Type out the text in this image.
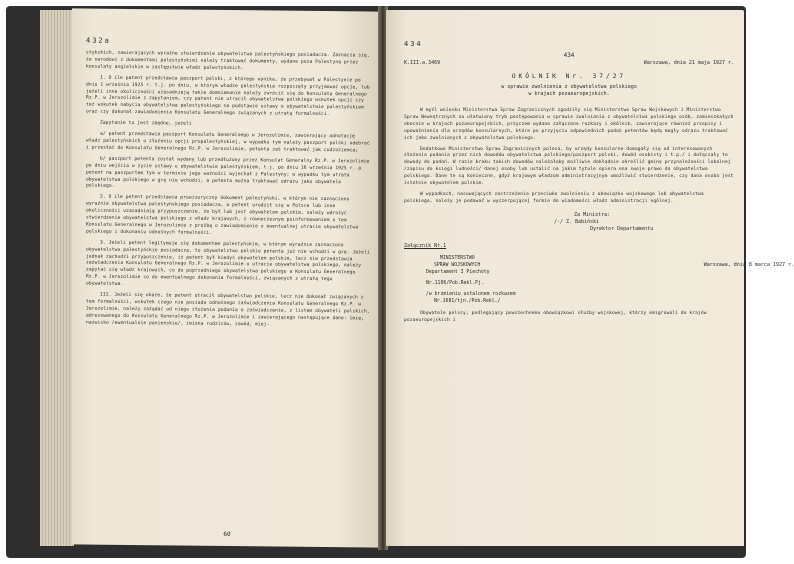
432a
stykskich, zawierających wyraźne stwierdzenie obywatelstwa palestyńskiego posiadacza. Zaznacza się, że narodowi z dokumentami palestyńskimi należy traktować dokumenty, wydane poza Palestyną przez konsulaty angielskie w zastępstwie władz palestyńskich.
1. O ile patent przedstawia paszport polski, z którego wynika, że przebywał w Palestynie po dniu 1 września 1925 r. t.j. po dniu, w którym władze palestyńskie rozpoczęły przyjmować opcje, lub jeżeli inne okoliczności uzasadniają takie domniemanie należy zwrócić się do Konsulatu Generalnego Rz.P. w Jerozolimie z zapytaniem, czy patent nie utracił obywatelstwa polskiego wskutek opcji czy też wskutek nabycia obywatelstwa palestyńskiego na podstawie ustawy o obywatelstwie palestyńskiem oraz czy dokonał zawiadomienia Konsulatu Generalnego związanych z utratą formalności.
Zapytanie to jest zbędne, jeżeli
a/ patent przedstawia paszport Konsulatu Generalnego w Jerozolimie, zawierający adnotację władz palestyńskich o złożeniu opcji propalestyńskiej, w wypadku tym należy paszport polski odebrać i przesłać do Konsulatu Generalnego Rz.P. w Jerozolimie, petenta zaś traktować jak cudzoziemca;
b/ paszport petenta został wydany lub przedłużony przez Konsulat Generalny Rz.P. w Jerozolimie po dniu wejścia w życie ustawy o obywatelstwie palestyńskiem, t.j. po dniu 16 września 1925 r. a petent na paszportem tym w terminie jego ważności wyjechał z Palestyny; w wypadku tym utrata obywatelstwa polskiego w grę nie wchodzi, a petenta można traktować odrazu jako obywatela polskiego.
2. O ile petent przedstawia prowizoryczny dokument palestyński, w którym nie zaznaczono wyraźnie obywatelstwa palestyńskiego posiadacza, a petent urodził się w Polsce lub inne okoliczności uzasadniają przypuszczenie, że był lub jest obywatelem polskim, należy wdrożyć stwierdzenie obywatelstwa polskiego z władz krajowych, z równoczesnym poinformowaniem o tem Konsulatu Generalnego w Jerozolimie z prośbą o zawiadomienie o ewentualnej utracie obywatelstwa polskiego i dokonaniu odnośnych formalności.
3. Jeżeli petent legitymuje się dokumentem palestyńskim, w którym wyraźnie zaznaczono obywatelstwo palestyńskie posiadacza, to obywatelstwo polskie petenta już nie wchodzi w grę. Jeżeli jednak zachodzi przypuszczenie, iż petent był kiedyś obywatelem polskim, lecz nie przedstawia zaświadczenia Konsulatu Generalnego Rz.P. w Jerozolimie o utracie obywatelstwa polskiego, należy zapytać się władz krajowych, co do poprzedniego obywatelstwa polskiego a Konsulatu Generalnego Rz.P. w Jerozolimie co do ewentualnego dokonania formalności, związanych z utratą tego obywatelstwa.
III. Jeżeli się okaże, że petent utracił obywatelstwo polskie, lecz nie dokonał związanych z tem formalności, wskutek czego nie posiada odnośnego zaświadczenia Konsulatu Generalnego Rz.P. w Jerozolimie, należy zażądać od niego złożenia podania o zaświadczenie, z listem obywateli polskich, adresowanego do Konsulatu Generalnego Rz.P. w Jerozolimie i zawierającego następujące dane: imię, nazwisko /ewentualnie panieńskie/, imiona rodziców, zawód, miej-
60
434
434
K.III.a.3469	Warszawa, dnia 21 maja 1927 r.
OKÓLNIK Nr. 37/27
w sprawie zwolnienia z obywatelstwa polskiego
w krajach pozaeuropejskich.
W myśl wniosku Ministerstwa Spraw Zagranicznych zgodziły się Ministerstwo Spraw Wojskowych i Ministerstwo Spraw Wewnętrznych na ułatwiony tryb postępowania w sprawie zwalniania z obywatelstwa polskiego osób, zamieszkałych obecnie w krajach pozaeuropejskich, przyczem wydano załączone rozkazy i okólnik, zawierające również przepisy i upoważnienia dla urzędów konsularnych, które po przyjęciu odpowiednich podań petentów będą mogły odrazu traktować ich jako zwolnionych z obywatelstwa polskiego.
Dodatkowo Ministerstwo Spraw Zagranicznych poleca, by urzędy konsularne domagały się od interesowanych złożenia podania przez nich dowodów obywatelstwa polskiego/paszport polski, dowód osobisty i t.p./ i dołączały te dowody do podań. W razie braku takich dowodów należałoby możliwie dokładnie określić gminę przynależności lokalnej /zapisu do księgi ludności/ danej osoby lub ustalić na jakim tytule opiera ona swoje prawo do obywatelstwa polskiego. Dane te są konieczne, gdyż krajowym władzom administracyjnym umożliwić stwierdzenie, czy dana osoba jest istotnie obywatelem polskim.
W wypadkach, nasuwających zastrzeżenia przeciwko zwolnieniu z obowiązku wojskowego lub obywatelstwa polskiego, należy je podawać w wyczerpującej formie do wiadomości władz administracji ogólnej.
Za Ministra:
/-/ Z. Babiński
Dyrektor Departamentu
Załącznik Nr.1
MINISTERSTWO
SPRAW WOJSKOWYCH	Warszawa, dnia 8 marca 1927 r.
Departament I Piechoty
Nr.1106/Pob.Rekl.Pj.
/w brzmieniu ustalonem rozkazem
Nr.1681/tjn./Pob.Rekl./
Obywatele polscy, podlegający powszechnemu obowiązkowi służby wojskowej, którzy emigrowali do krajów pozaeuropejskich i
